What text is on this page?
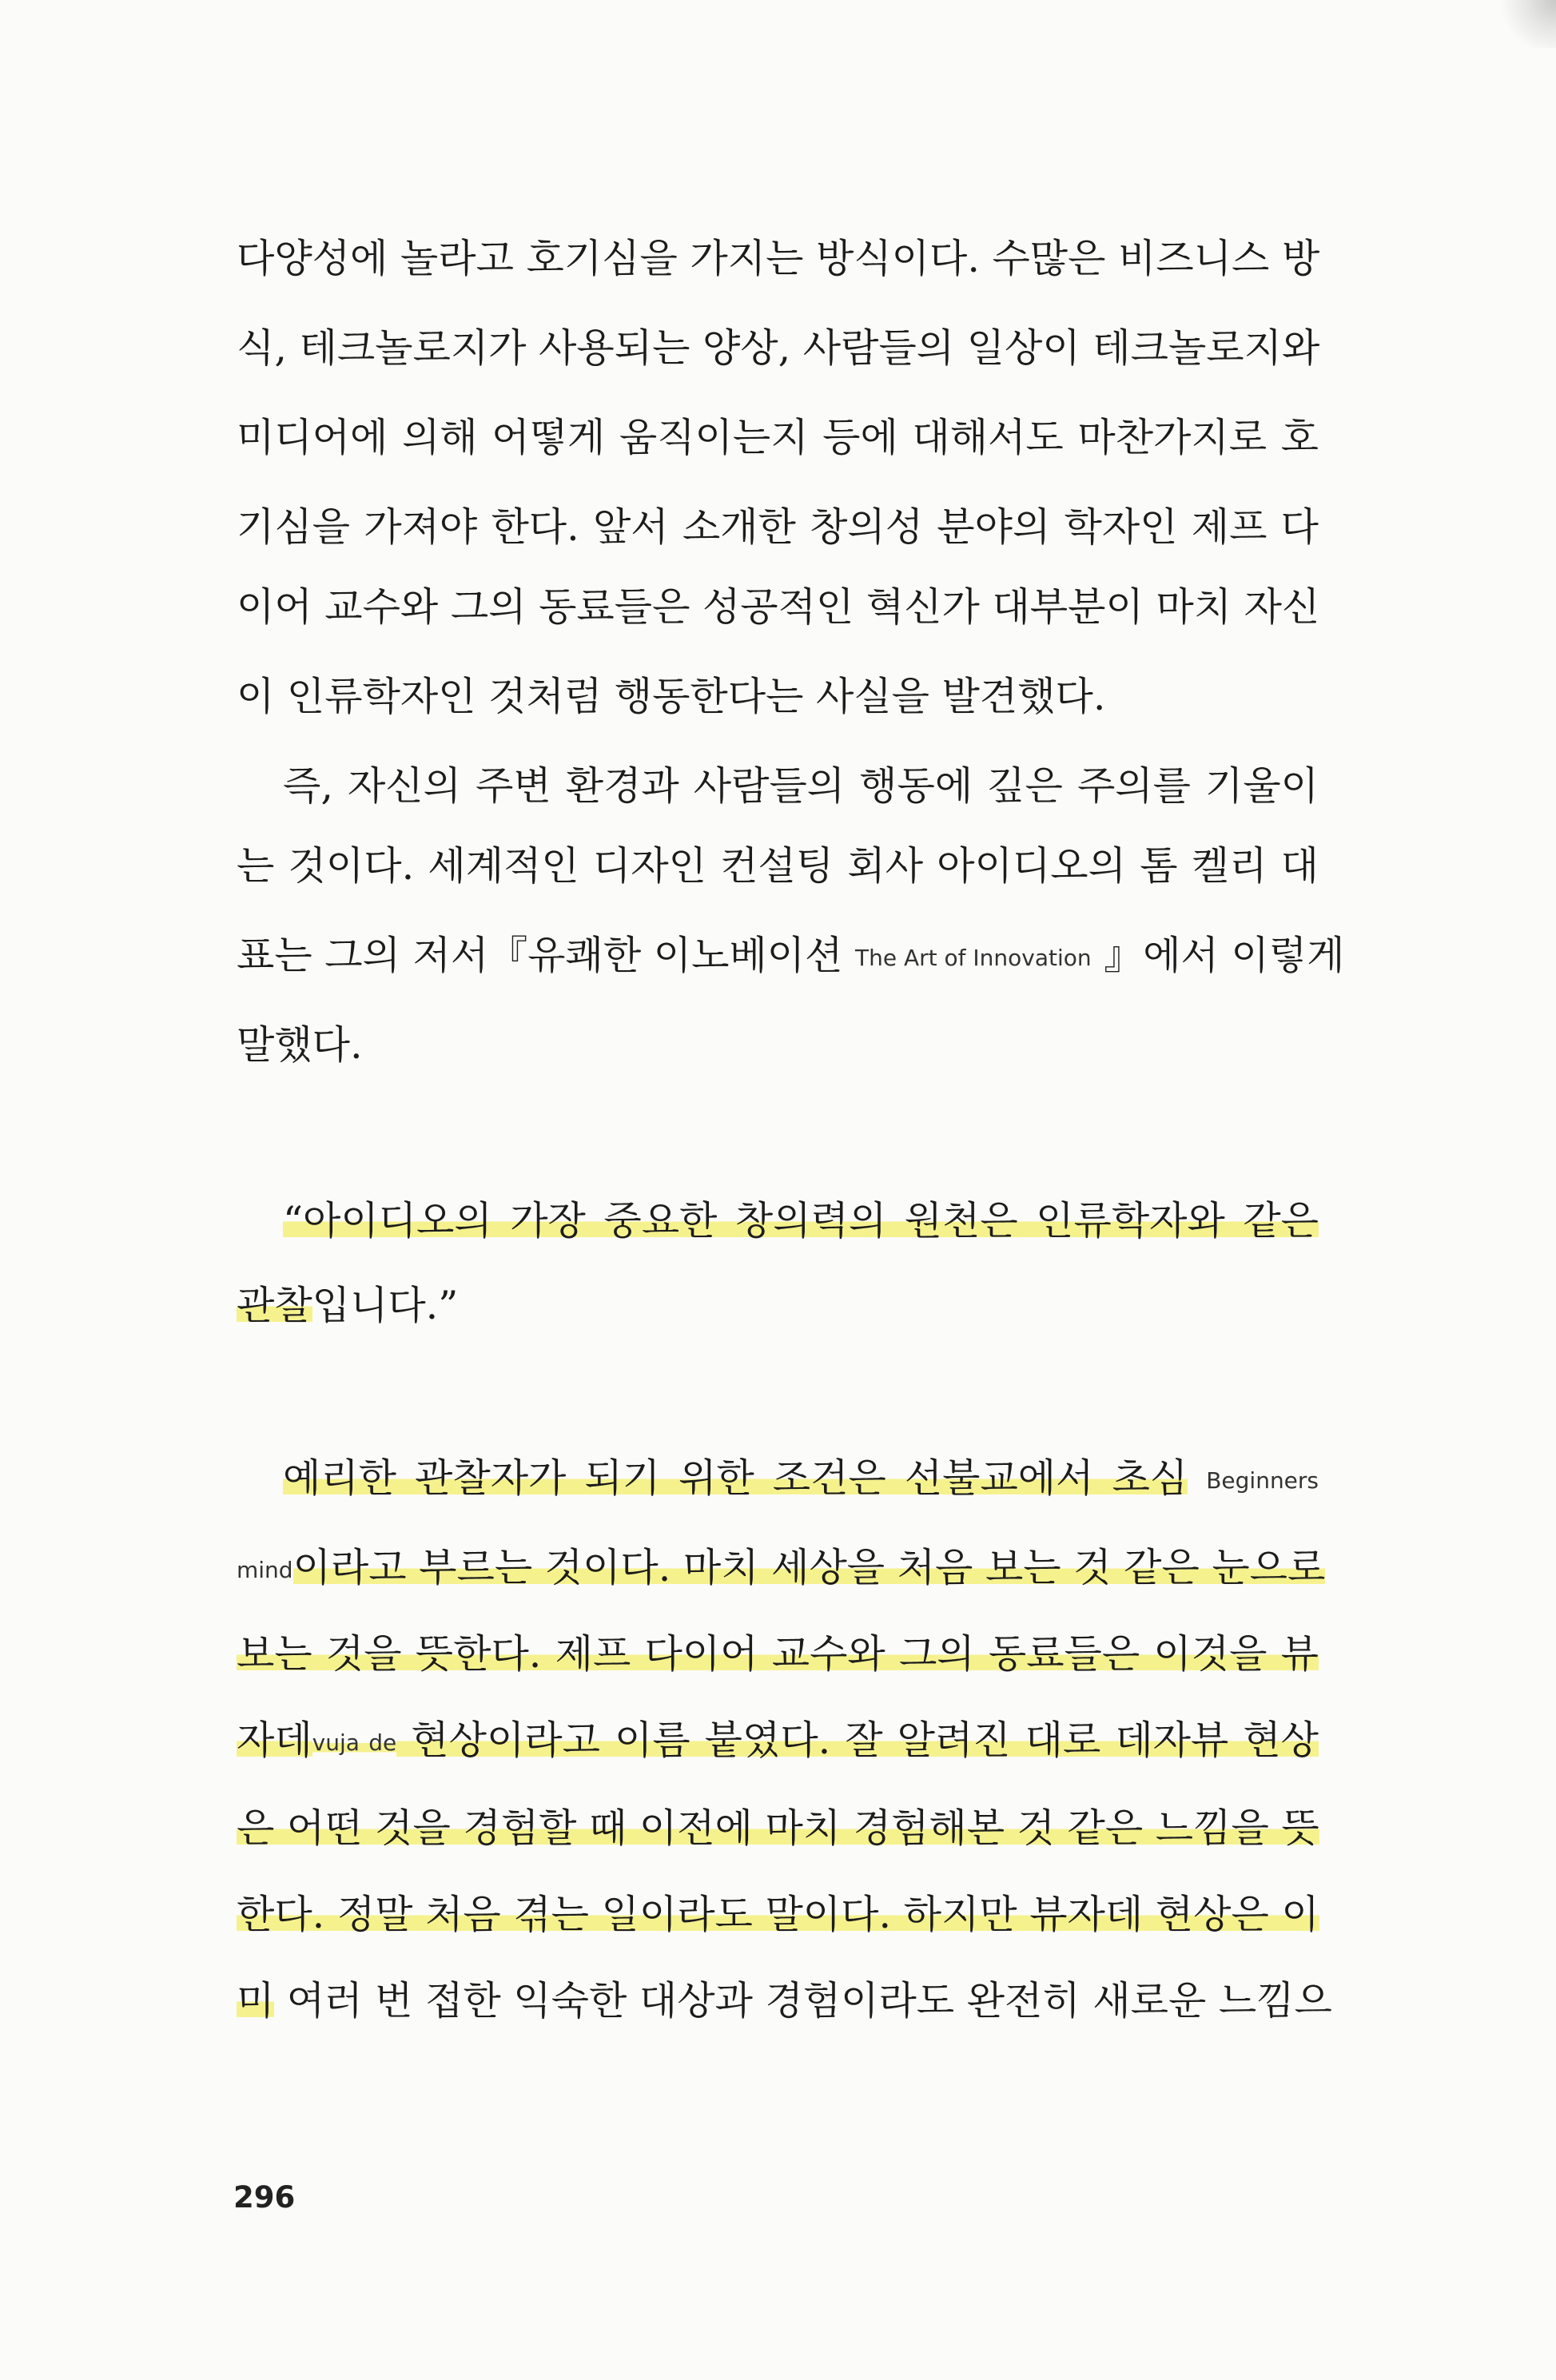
다양성에 놀라고 호기심을 가지는 방식이다. 수많은 비즈니스 방
식, 테크놀로지가 사용되는 양상, 사람들의 일상이 테크놀로지와
미디어에 의해 어떻게 움직이는지 등에 대해서도 마찬가지로 호
기심을 가져야 한다. 앞서 소개한 창의성 분야의 학자인 제프 다
이어 교수와 그의 동료들은 성공적인 혁신가 대부분이 마치 자신
이 인류학자인 것처럼 행동한다는 사실을 발견했다.
즉, 자신의 주변 환경과 사람들의 행동에 깊은 주의를 기울이
는 것이다. 세계적인 디자인 컨설팅 회사 아이디오의 톰 켈리 대
표는 그의 저서『유쾌한 이노베이션 The Art of Innovation 』에서 이렇게
말했다.
“아이디오의 가장 중요한 창의력의 원천은 인류학자와 같은
관찰입니다.”
예리한 관찰자가 되기 위한 조건은 선불교에서 초심 Beginners
mind이라고 부르는 것이다. 마치 세상을 처음 보는 것 같은 눈으로
보는 것을 뜻한다. 제프 다이어 교수와 그의 동료들은 이것을 뷰
자데vuja de 현상이라고 이름 붙였다. 잘 알려진 대로 데자뷰 현상
은 어떤 것을 경험할 때 이전에 마치 경험해본 것 같은 느낌을 뜻
한다. 정말 처음 겪는 일이라도 말이다. 하지만 뷰자데 현상은 이
미 여러 번 접한 익숙한 대상과 경험이라도 완전히 새로운 느낌으
296
